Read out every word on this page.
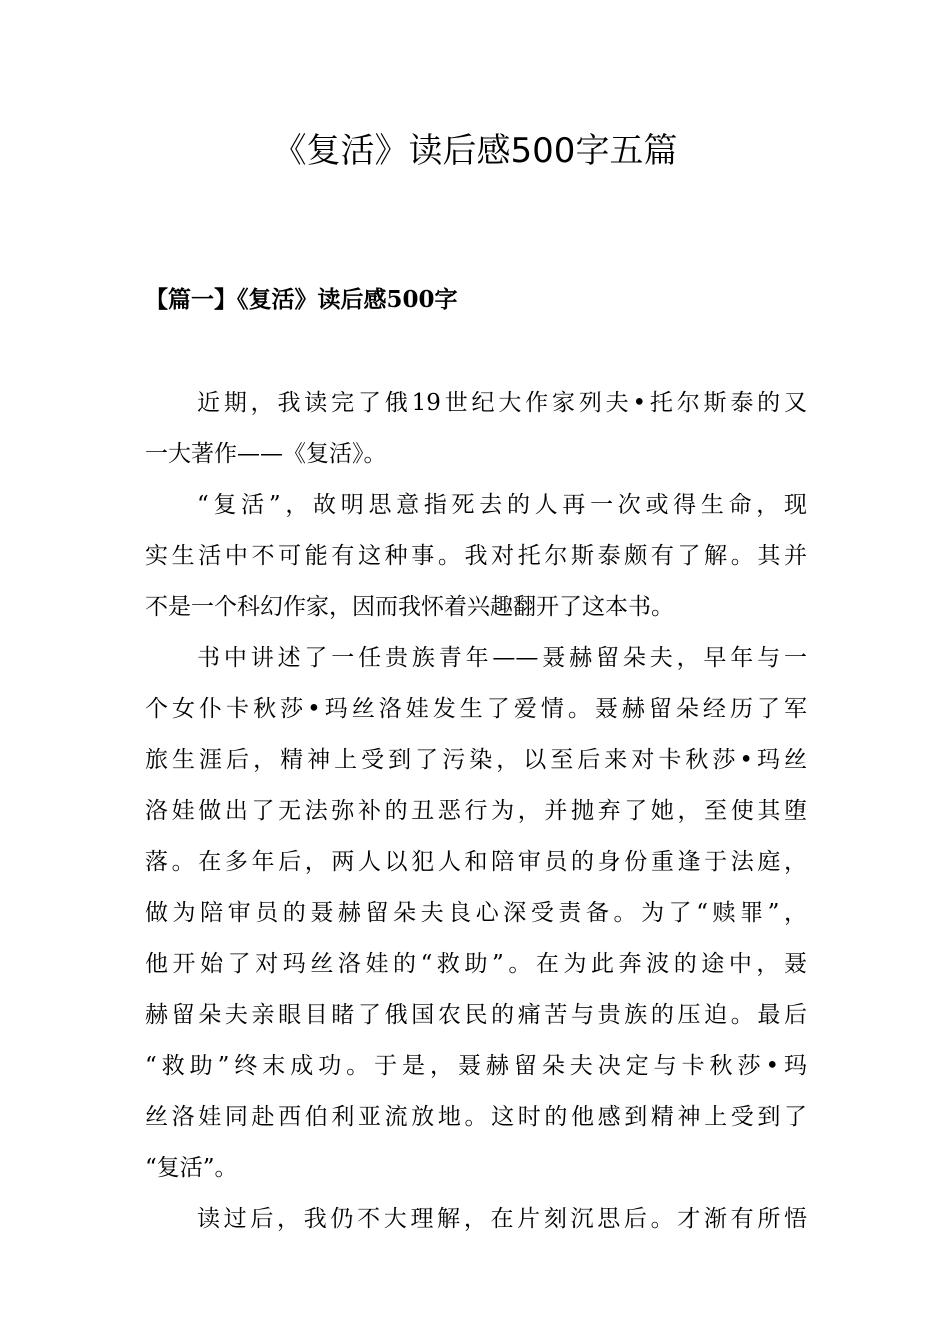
《复活》读后感500字五篇
【篇一】《复活》读后感500字

近期，我读完了俄19世纪大作家列夫•托尔斯泰的又
一大著作——《复活》。

“复活”，故明思意指死去的人再一次或得生命，现
实生活中不可能有这种事。我对托尔斯泰颇有了解。其并
不是一个科幻作家，因而我怀着兴趣翻开了这本书。

书中讲述了一任贵族青年——聂赫留朵夫，早年与一
个女仆卡秋莎•玛丝洛娃发生了爱情。聂赫留朵经历了军
旅生涯后，精神上受到了污染，以至后来对卡秋莎•玛丝
洛娃做出了无法弥补的丑恶行为，并抛弃了她，至使其堕
落。在多年后，两人以犯人和陪审员的身份重逢于法庭，
做为陪审员的聂赫留朵夫良心深受责备。为了“赎罪”，
他开始了对玛丝洛娃的“救助”。在为此奔波的途中，聂
赫留朵夫亲眼目睹了俄国农民的痛苦与贵族的压迫。最后
“救助”终末成功。于是，聂赫留朵夫决定与卡秋莎•玛
丝洛娃同赴西伯利亚流放地。这时的他感到精神上受到了
“复活”。

读过后，我仍不大理解，在片刻沉思后。才渐有所悟
